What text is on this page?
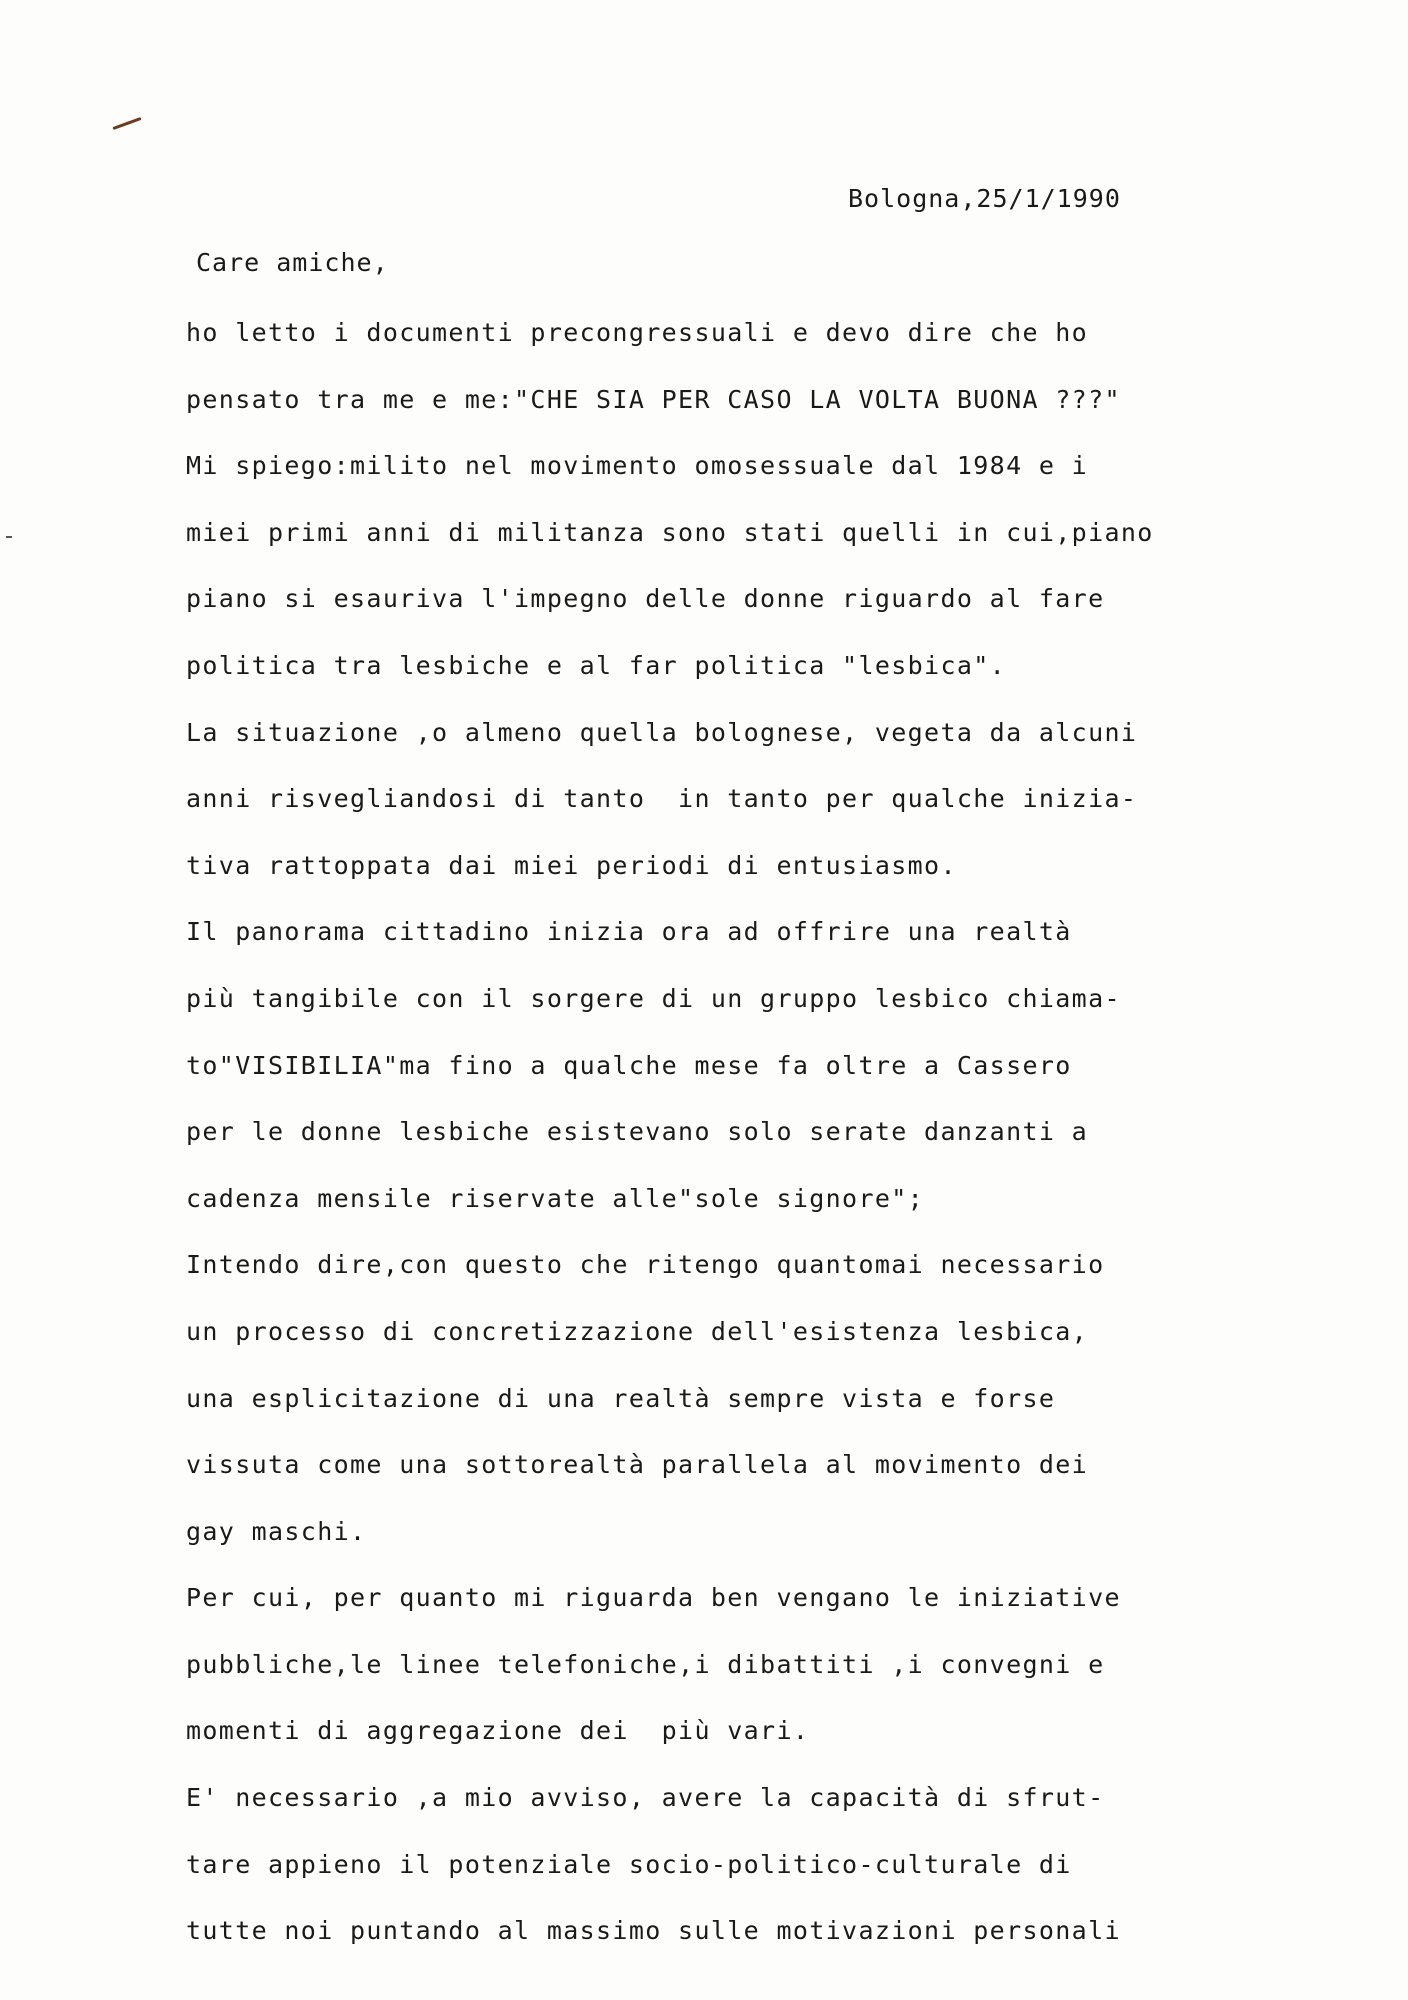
Bologna,25/1/1990
Care amiche,
ho letto i documenti precongressuali e devo dire che ho
pensato tra me e me:"CHE SIA PER CASO LA VOLTA BUONA ???"
Mi spiego:milito nel movimento omosessuale dal 1984 e i
miei primi anni di militanza sono stati quelli in cui,piano
piano si esauriva l'impegno delle donne riguardo al fare
politica tra lesbiche e al far politica "lesbica".
La situazione ,o almeno quella bolognese, vegeta da alcuni
anni risvegliandosi di tanto  in tanto per qualche inizia-
tiva rattoppata dai miei periodi di entusiasmo.
Il panorama cittadino inizia ora ad offrire una realtà
più tangibile con il sorgere di un gruppo lesbico chiama-
to"VISIBILIA"ma fino a qualche mese fa oltre a Cassero
per le donne lesbiche esistevano solo serate danzanti a
cadenza mensile riservate alle"sole signore";
Intendo dire,con questo che ritengo quantomai necessario
un processo di concretizzazione dell'esistenza lesbica,
una esplicitazione di una realtà sempre vista e forse
vissuta come una sottorealtà parallela al movimento dei
gay maschi.
Per cui, per quanto mi riguarda ben vengano le iniziative
pubbliche,le linee telefoniche,i dibattiti ,i convegni e
momenti di aggregazione dei  più vari.
E' necessario ,a mio avviso, avere la capacità di sfrut-
tare appieno il potenziale socio-politico-culturale di
tutte noi puntando al massimo sulle motivazioni personali
